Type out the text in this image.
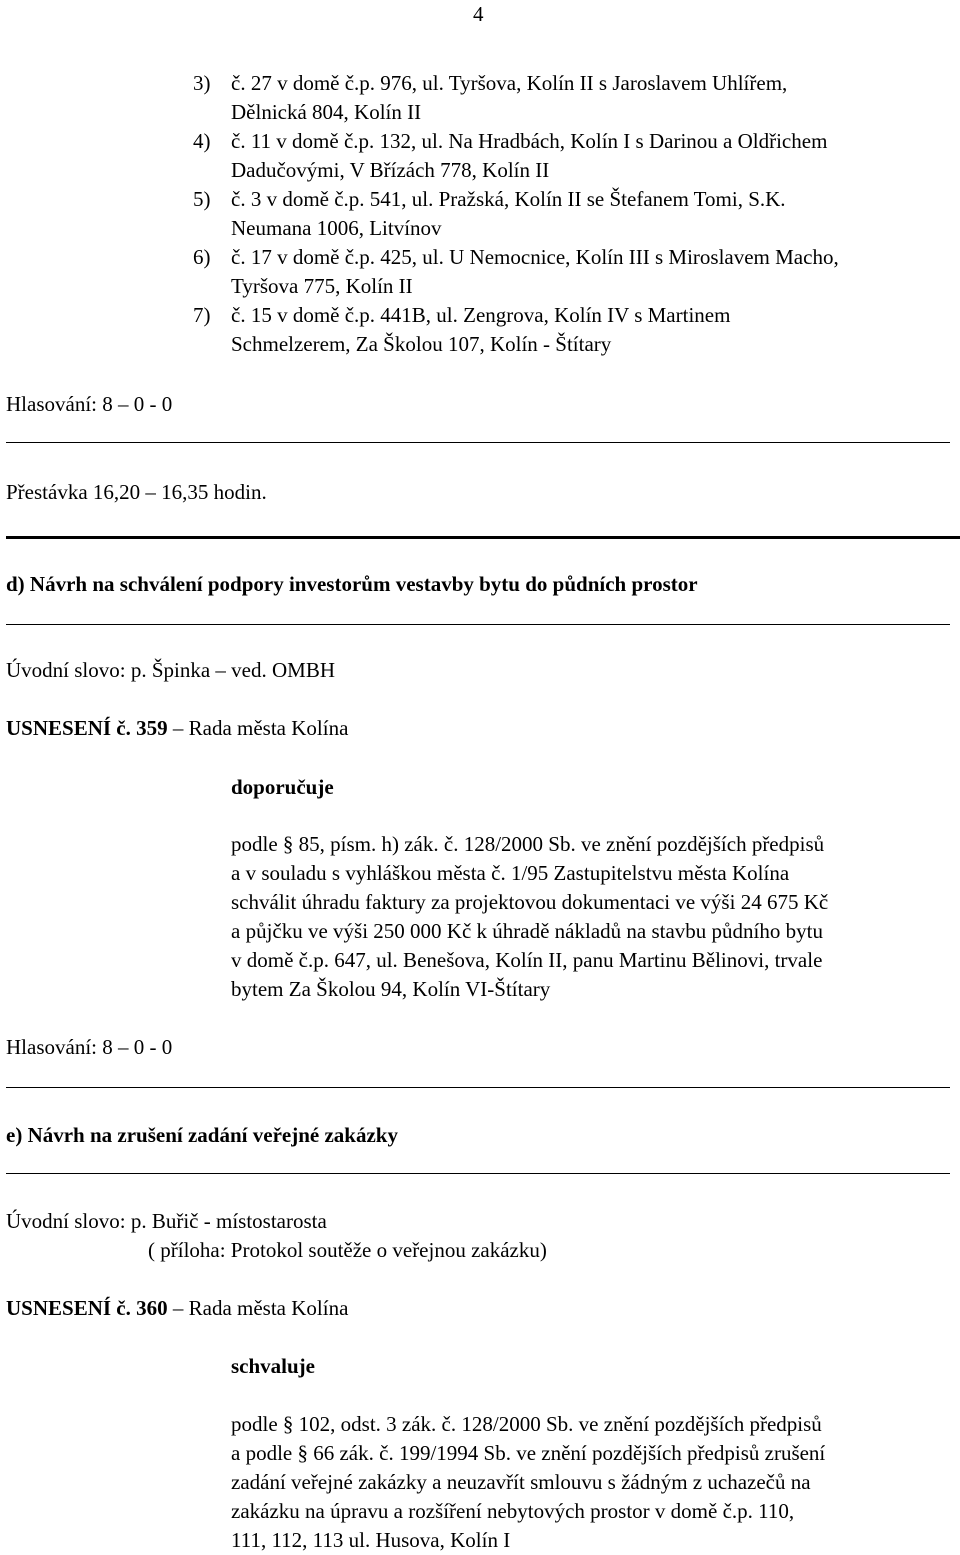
4
3) č. 27 v domě č.p. 976, ul. Tyršova, Kolín II s Jaroslavem Uhlířem,
Dělnická 804, Kolín II
4) č. 11 v domě č.p. 132, ul. Na Hradbách, Kolín I s Darinou a Oldřichem
Dadučovými, V Břízách 778, Kolín II
5) č. 3 v domě č.p. 541, ul. Pražská, Kolín II se Štefanem Tomi, S.K.
Neumana 1006, Litvínov
6) č. 17 v domě č.p. 425, ul. U Nemocnice, Kolín III s Miroslavem Macho,
Tyršova 775, Kolín II
7) č. 15 v domě č.p. 441B, ul. Zengrova, Kolín IV s Martinem
Schmelzerem, Za Školou 107, Kolín - Štítary
Hlasování: 8 – 0 - 0
Přestávka 16,20 – 16,35 hodin.
d) Návrh na schválení podpory investorům vestavby bytu do půdních prostor
Úvodní slovo: p. Špinka – ved. OMBH
USNESENÍ č. 359 – Rada města Kolína
doporučuje
podle § 85, písm. h) zák. č. 128/2000 Sb. ve znění pozdějších předpisů
a v souladu s vyhláškou města č. 1/95 Zastupitelstvu města Kolína
schválit úhradu faktury za projektovou dokumentaci ve výši 24 675 Kč
a půjčku ve výši 250 000 Kč k úhradě nákladů na stavbu půdního bytu
v domě č.p. 647, ul. Benešova, Kolín II, panu Martinu Bělinovi, trvale
bytem Za Školou 94, Kolín VI-Štítary
Hlasování: 8 – 0 - 0
e) Návrh na zrušení zadání veřejné zakázky
Úvodní slovo: p. Buřič - místostarosta
( příloha: Protokol soutěže o veřejnou zakázku)
USNESENÍ č. 360 – Rada města Kolína
schvaluje
podle § 102, odst. 3 zák. č. 128/2000 Sb. ve znění pozdějších předpisů
a podle § 66 zák. č. 199/1994 Sb. ve znění pozdějších předpisů zrušení
zadání veřejné zakázky a neuzavřít smlouvu s žádným z uchazečů na
zakázku na úpravu a rozšíření nebytových prostor v domě č.p. 110,
111, 112, 113 ul. Husova, Kolín I
